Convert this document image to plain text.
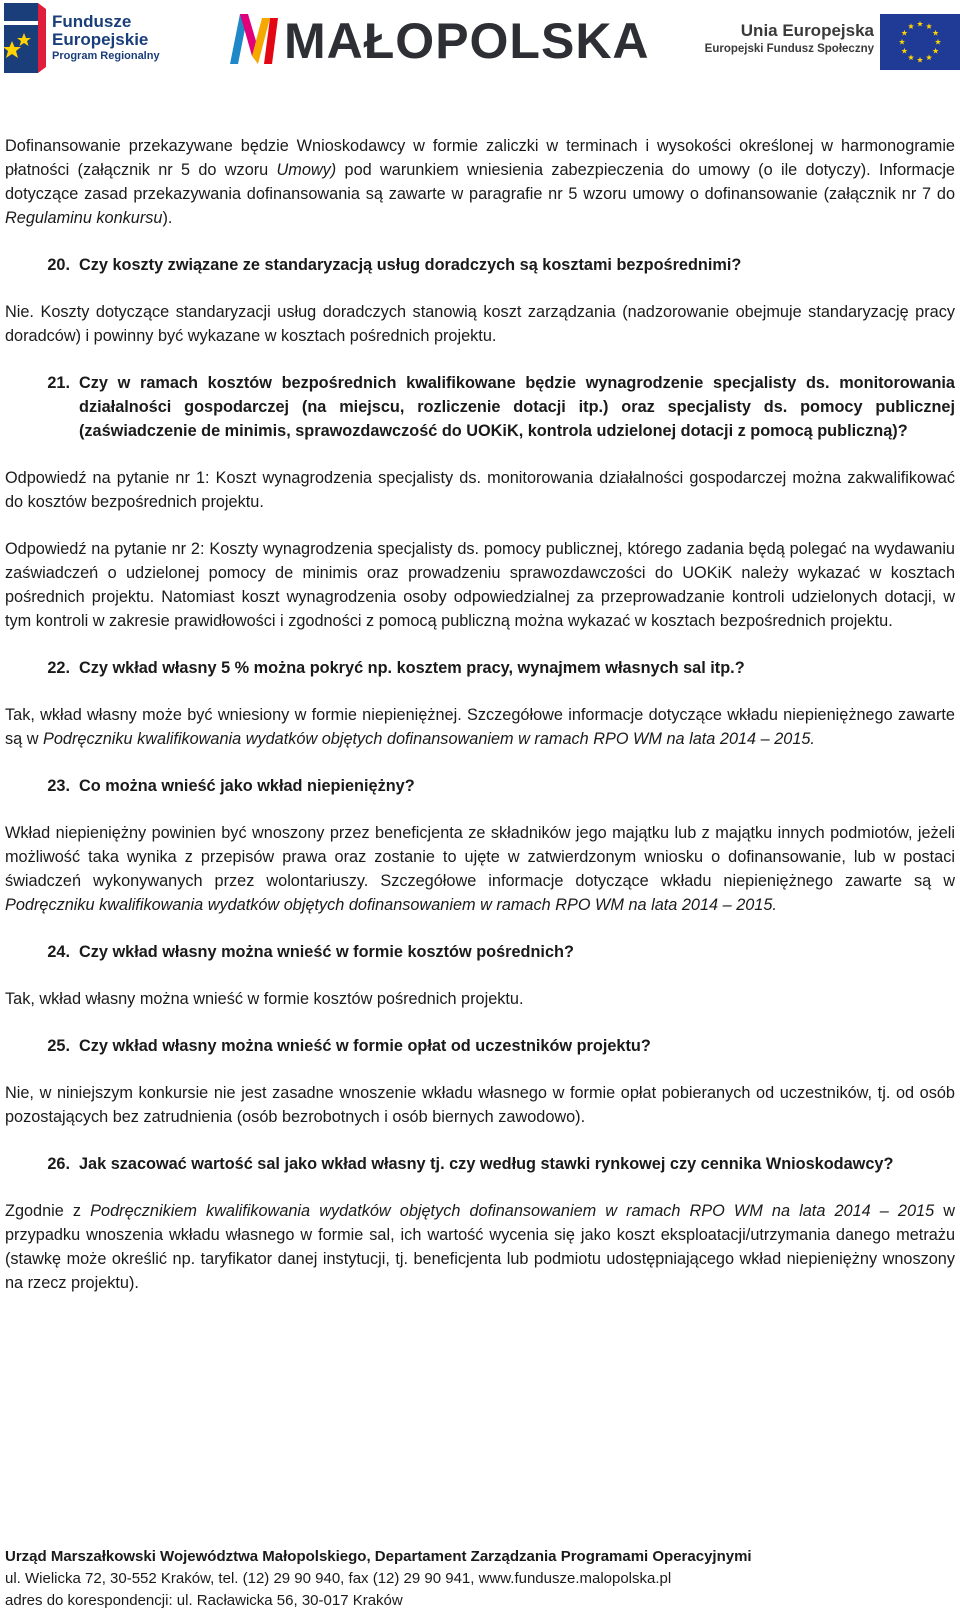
Fundusze
Europejskie
Program Regionalny MAŁOPOLSKA	Unia Europejska
Europejski Fundusz Społeczny

Dofinansowanie przekazywane będzie Wnioskodawcy w formie zaliczki w terminach i wysokości określonej w harmonogramie płatności (załącznik nr 5 do wzoru Umowy) pod warunkiem wniesienia zabezpieczenia do umowy (o ile dotyczy). Informacje dotyczące zasad przekazywania dofinansowania są zawarte w paragrafie nr 5 wzoru umowy o dofinansowanie (załącznik nr 7 do Regulaminu konkursu).

20. Czy koszty związane ze standaryzacją usług doradczych są kosztami bezpośrednimi?

Nie. Koszty dotyczące standaryzacji usług doradczych stanowią koszt zarządzania (nadzorowanie obejmuje standaryzację pracy doradców) i powinny być wykazane w kosztach pośrednich projektu.

21. Czy w ramach kosztów bezpośrednich kwalifikowane będzie wynagrodzenie specjalisty ds. monitorowania działalności gospodarczej (na miejscu, rozliczenie dotacji itp.) oraz specjalisty ds. pomocy publicznej (zaświadczenie de minimis, sprawozdawczość do UOKiK, kontrola udzielonej dotacji z pomocą publiczną)?

Odpowiedź na pytanie nr 1: Koszt wynagrodzenia specjalisty ds. monitorowania działalności gospodarczej można zakwalifikować do kosztów bezpośrednich projektu.

Odpowiedź na pytanie nr 2: Koszty wynagrodzenia specjalisty ds. pomocy publicznej, którego zadania będą polegać na wydawaniu zaświadczeń o udzielonej pomocy de minimis oraz prowadzeniu sprawozdawczości do UOKiK należy wykazać w kosztach pośrednich projektu. Natomiast koszt wynagrodzenia osoby odpowiedzialnej za przeprowadzanie kontroli udzielonych dotacji, w tym kontroli w zakresie prawidłowości i zgodności z pomocą publiczną można wykazać w kosztach bezpośrednich projektu.

22. Czy wkład własny 5 % można pokryć np. kosztem pracy, wynajmem własnych sal itp.?

Tak, wkład własny może być wniesiony w formie niepieniężnej. Szczegółowe informacje dotyczące wkładu niepieniężnego zawarte są w Podręczniku kwalifikowania wydatków objętych dofinansowaniem w ramach RPO WM na lata 2014 – 2015.

23. Co można wnieść jako wkład niepieniężny?

Wkład niepieniężny powinien być wnoszony przez beneficjenta ze składników jego majątku lub z majątku innych podmiotów, jeżeli możliwość taka wynika z przepisów prawa oraz zostanie to ujęte w zatwierdzonym wniosku o dofinansowanie, lub w postaci świadczeń wykonywanych przez wolontariuszy. Szczegółowe informacje dotyczące wkładu niepieniężnego zawarte są w Podręczniku kwalifikowania wydatków objętych dofinansowaniem w ramach RPO WM na lata 2014 – 2015.

24. Czy wkład własny można wnieść w formie kosztów pośrednich?

Tak, wkład własny można wnieść w formie kosztów pośrednich projektu.

25. Czy wkład własny można wnieść w formie opłat od uczestników projektu?

Nie, w niniejszym konkursie nie jest zasadne wnoszenie wkładu własnego w formie opłat pobieranych od uczestników, tj. od osób pozostających bez zatrudnienia (osób bezrobotnych i osób biernych zawodowo).

26. Jak szacować wartość sal jako wkład własny tj. czy według stawki rynkowej czy cennika Wnioskodawcy?

Zgodnie z Podręcznikiem kwalifikowania wydatków objętych dofinansowaniem w ramach RPO WM na lata 2014 – 2015 w przypadku wnoszenia wkładu własnego w formie sal, ich wartość wycenia się jako koszt eksploatacji/utrzymania danego metrażu (stawkę może określić np. taryfikator danej instytucji, tj. beneficjenta lub podmiotu udostępniającego wkład niepieniężny wnoszony na rzecz projektu).

Urząd Marszałkowski Województwa Małopolskiego, Departament Zarządzania Programami Operacyjnymi
ul. Wielicka 72, 30-552 Kraków, tel. (12) 29 90 940, fax (12) 29 90 941, www.fundusze.malopolska.pl
adres do korespondencji: ul. Racławicka 56, 30-017 Kraków
